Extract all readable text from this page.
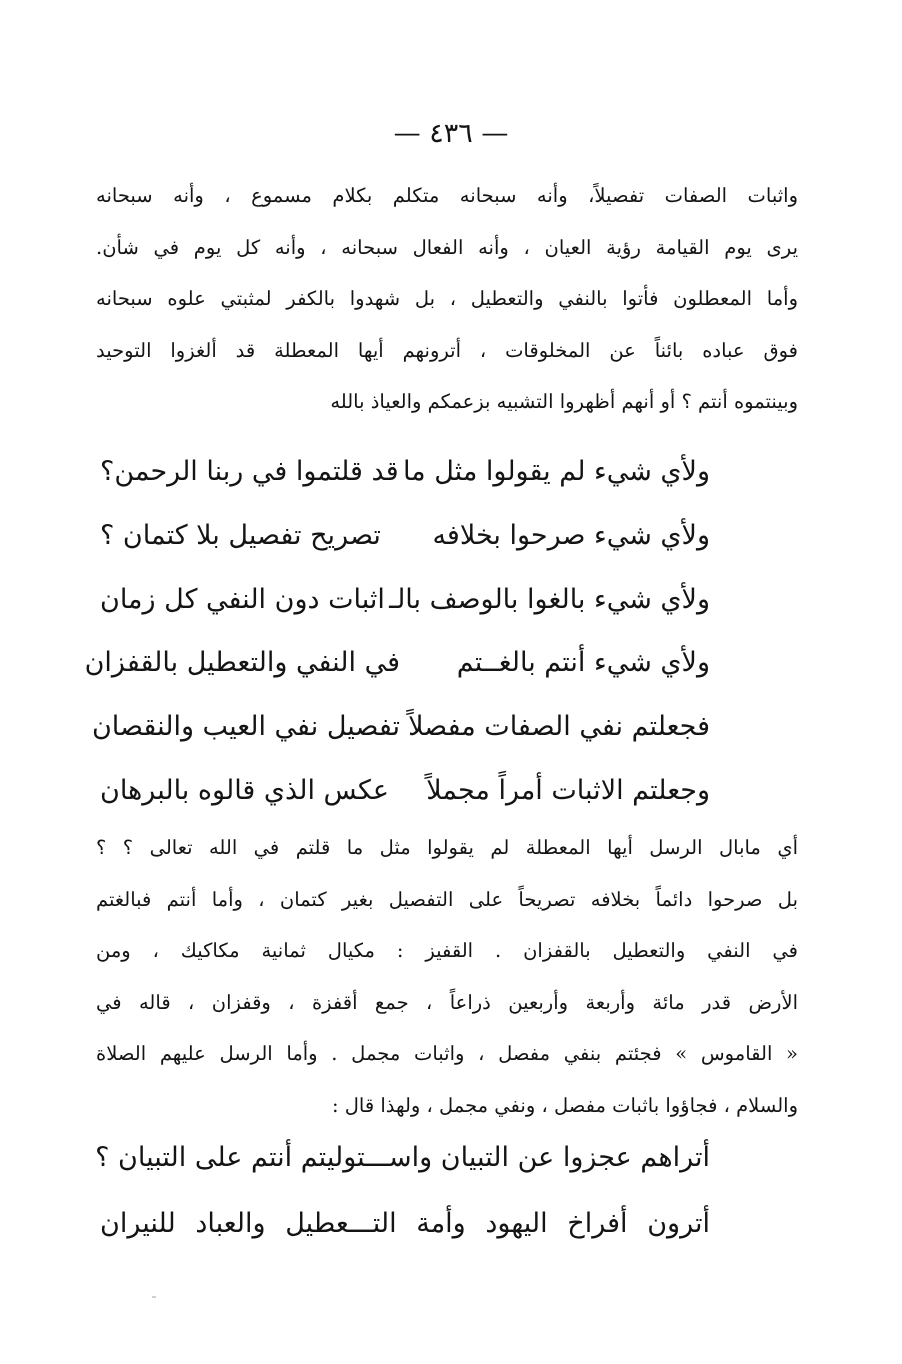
— ٤٣٦ —
واثبات الصفات تفصيلاً، وأنه سبحانه متكلم بكلام مسموع ، وأنه سبحانه
يرى يوم القيامة رؤية العيان ، وأنه الفعال سبحانه ، وأنه كل يوم في شأن.
وأما المعطلون فأتوا بالنفي والتعطيل ، بل شهدوا بالكفر لمثبتي علوه سبحانه
فوق عباده بائناً عن المخلوقات ، أترونهم أيها المعطلة قد ألغزوا التوحيد
وبينتموه أنتم ؟ أو أنهم أظهروا التشبيه بزعمكم والعياذ بالله
ولأي شيء لم يقولوا مثل ما
قد قلتموا في ربنا الرحمن؟
ولأي شيء صرحوا بخلافه
تصريح تفصيل بلا كتمان ؟
ولأي شيء بالغوا بالوصف بالـ
اثبات دون النفي كل زمان
ولأي شيء أنتم بالغــتم
في النفي والتعطيل بالقفزان
فجعلتم نفي الصفات مفصلاً
تفصيل نفي العيب والنقصان
وجعلتم الاثبات أمراً مجملاً
عكس الذي قالوه بالبرهان
أي مابال الرسل أيها المعطلة لم يقولوا مثل ما قلتم في الله تعالى ؟ ؟
بل صرحوا دائماً بخلافه تصريحاً على التفصيل بغير كتمان ، وأما أنتم فبالغتم
في النفي والتعطيل بالقفزان . القفيز : مكيال ثمانية مكاكيك ، ومن
الأرض قدر مائة وأربعة وأربعين ذراعاً ، جمع أقفزة ، وقفزان ، قاله في
« القاموس » فجئتم بنفي مفصل ، واثبات مجمل . وأما الرسل عليهم الصلاة
والسلام ، فجاؤوا باثبات مفصل ، ونفي مجمل ، ولهذا قال :
أتراهم عجزوا عن التبيان واســـتوليتم أنتم على التبيان ؟
أترون أفراخ اليهود وأمة التـــعطيل والعباد للنيران
